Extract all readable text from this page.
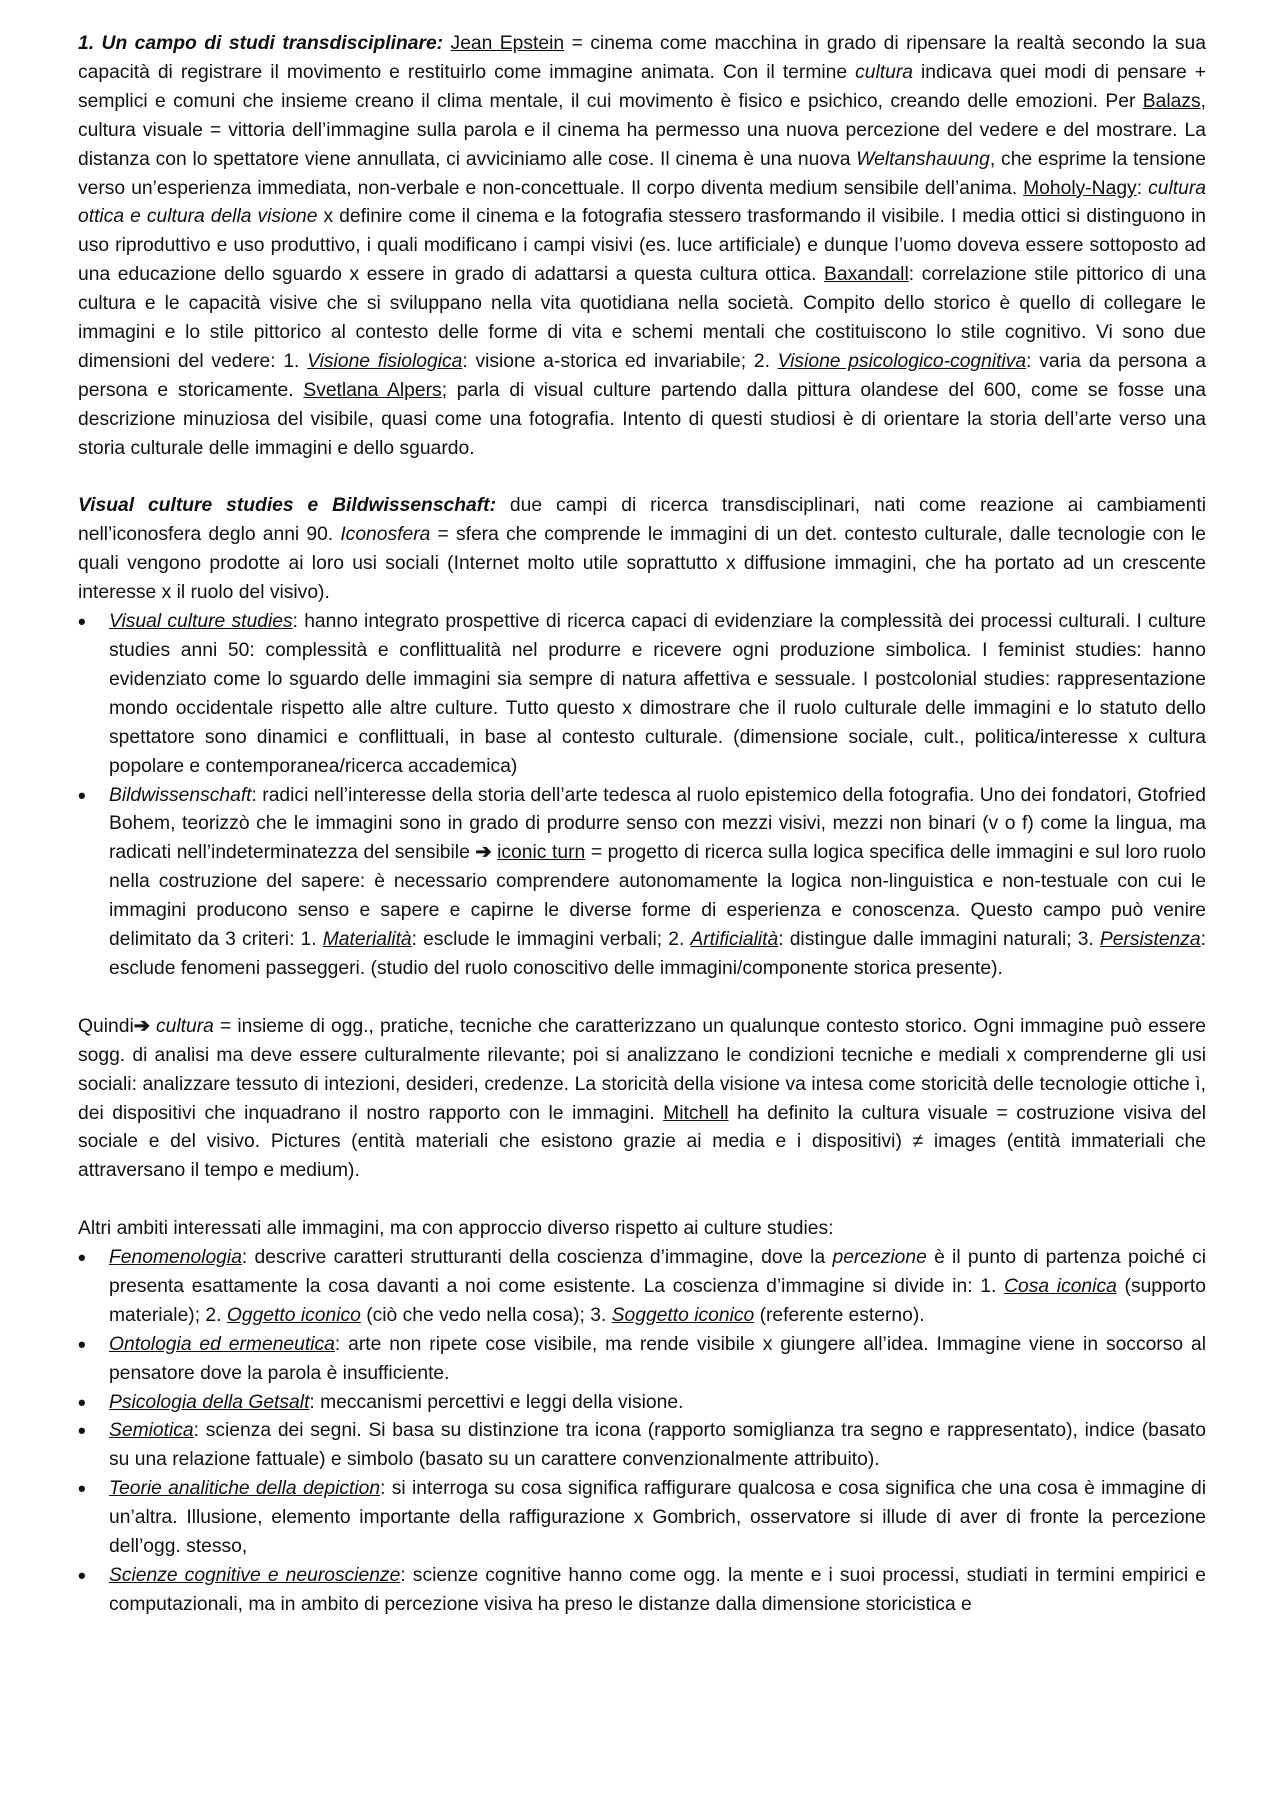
1. Un campo di studi transdisciplinare: Jean Epstein = cinema come macchina in grado di ripensare la realtà secondo la sua capacità di registrare il movimento e restituirlo come immagine animata. Con il termine cultura indicava quei modi di pensare + semplici e comuni che insieme creano il clima mentale, il cui movimento è fisico e psichico, creando delle emozioni. Per Balazs, cultura visuale = vittoria dell’immagine sulla parola e il cinema ha permesso una nuova percezione del vedere e del mostrare. La distanza con lo spettatore viene annullata, ci avviciniamo alle cose. Il cinema è una nuova Weltanshauung, che esprime la tensione verso un’esperienza immediata, non-verbale e non-concettuale. Il corpo diventa medium sensibile dell’anima. Moholy-Nagy: cultura ottica e cultura della visione x definire come il cinema e la fotografia stessero trasformando il visibile. I media ottici si distinguono in uso riproduttivo e uso produttivo, i quali modificano i campi visivi (es. luce artificiale) e dunque l’uomo doveva essere sottoposto ad una educazione dello sguardo x essere in grado di adattarsi a questa cultura ottica. Baxandall: correlazione stile pittorico di una cultura e le capacità visive che si sviluppano nella vita quotidiana nella società. Compito dello storico è quello di collegare le immagini e lo stile pittorico al contesto delle forme di vita e schemi mentali che costituiscono lo stile cognitivo. Vi sono due dimensioni del vedere: 1. Visione fisiologica: visione a-storica ed invariabile; 2. Visione psicologico-cognitiva: varia da persona a persona e storicamente. Svetlana Alpers; parla di visual culture partendo dalla pittura olandese del 600, come se fosse una descrizione minuziosa del visibile, quasi come una fotografia. Intento di questi studiosi è di orientare la storia dell’arte verso una storia culturale delle immagini e dello sguardo.

Visual culture studies e Bildwissenschaft: due campi di ricerca transdisciplinari, nati come reazione ai cambiamenti nell’iconosfera deglo anni 90. Iconosfera = sfera che comprende le immagini di un det. contesto culturale, dalle tecnologie con le quali vengono prodotte ai loro usi sociali (Internet molto utile soprattutto x diffusione immagini, che ha portato ad un crescente interesse x il ruolo del visivo).

• Visual culture studies: hanno integrato prospettive di ricerca capaci di evidenziare la complessità dei processi culturali. I culture studies anni 50: complessità e conflittualità nel produrre e ricevere ogni produzione simbolica. I feminist studies: hanno evidenziato come lo sguardo delle immagini sia sempre di natura affettiva e sessuale. I postcolonial studies: rappresentazione mondo occidentale rispetto alle altre culture. Tutto questo x dimostrare che il ruolo culturale delle immagini e lo statuto dello spettatore sono dinamici e conflittuali, in base al contesto culturale. (dimensione sociale, cult., politica/interesse x cultura popolare e contemporanea/ricerca accademica)
• Bildwissenschaft: radici nell’interesse della storia dell’arte tedesca al ruolo epistemico della fotografia. Uno dei fondatori, Gtofried Bohem, teorizzò che le immagini sono in grado di produrre senso con mezzi visivi, mezzi non binari (v o f) come la lingua, ma radicati nell’indeterminatezza del sensibile ➔ iconic turn = progetto di ricerca sulla logica specifica delle immagini e sul loro ruolo nella costruzione del sapere: è necessario comprendere autonomamente la logica non-linguistica e non-testuale con cui le immagini producono senso e sapere e capirne le diverse forme di esperienza e conoscenza. Questo campo può venire delimitato da 3 criteri: 1. Materialità: esclude le immagini verbali; 2. Artificialità: distingue dalle immagini naturali; 3. Persistenza: esclude fenomeni passeggeri. (studio del ruolo conoscitivo delle immagini/componente storica presente).

Quindi➔ cultura = insieme di ogg., pratiche, tecniche che caratterizzano un qualunque contesto storico. Ogni immagine può essere sogg. di analisi ma deve essere culturalmente rilevante; poi si analizzano le condizioni tecniche e mediali x comprenderne gli usi sociali: analizzare tessuto di intezioni, desideri, credenze. La storicità della visione va intesa come storicità delle tecnologie ottiche ì, dei dispositivi che inquadrano il nostro rapporto con le immagini. Mitchell ha definito la cultura visuale = costruzione visiva del sociale e del visivo. Pictures (entità materiali che esistono grazie ai media e i dispositivi) ≠ images (entità immateriali che attraversano il tempo e medium).

Altri ambiti interessati alle immagini, ma con approccio diverso rispetto ai culture studies:

• Fenomenologia: descrive caratteri strutturanti della coscienza d’immagine, dove la percezione è il punto di partenza poiché ci presenta esattamente la cosa davanti a noi come esistente. La coscienza d’immagine si divide in: 1. Cosa iconica (supporto materiale); 2. Oggetto iconico (ciò che vedo nella cosa); 3. Soggetto iconico (referente esterno).
• Ontologia ed ermeneutica: arte non ripete cose visibile, ma rende visibile x giungere all’idea. Immagine viene in soccorso al pensatore dove la parola è insufficiente.
• Psicologia della Getsalt: meccanismi percettivi e leggi della visione.
• Semiotica: scienza dei segni. Si basa su distinzione tra icona (rapporto somiglianza tra segno e rappresentato), indice (basato su una relazione fattuale) e simbolo (basato su un carattere convenzionalmente attribuito).
• Teorie analitiche della depiction: si interroga su cosa significa raffigurare qualcosa e cosa significa che una cosa è immagine di un’altra. Illusione, elemento importante della raffigurazione x Gombrich, osservatore si illude di aver di fronte la percezione dell’ogg. stesso,
• Scienze cognitive e neuroscienze: scienze cognitive hanno come ogg. la mente e i suoi processi, studiati in termini empirici e computazionali, ma in ambito di percezione visiva ha preso le distanze dalla dimensione storicistica e
